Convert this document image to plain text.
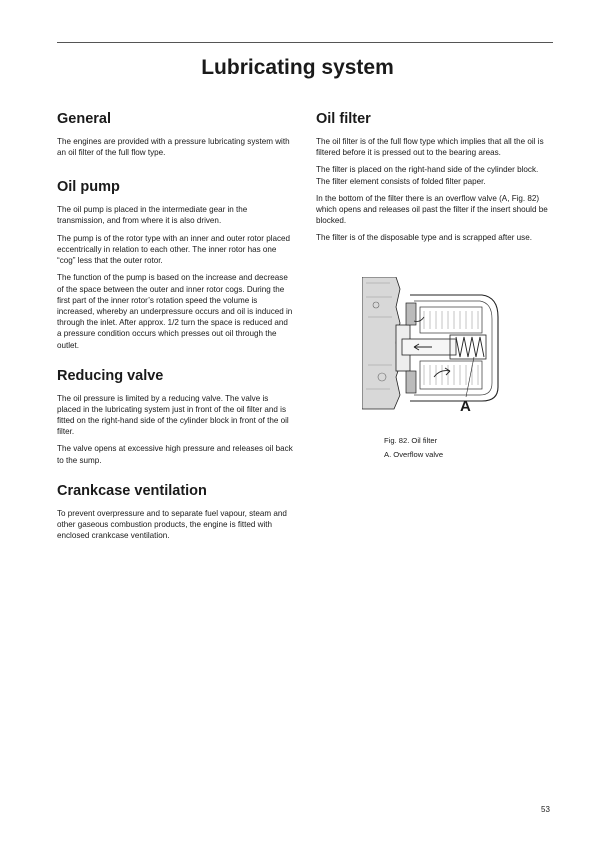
Lubricating system
General

The engines are provided with a pressure lubricating system with an oil filter of the full flow type.

Oil pump

The oil pump is placed in the intermediate gear in the transmission, and from where it is also driven.

The pump is of the rotor type with an inner and outer rotor placed eccentrically in relation to each other. The inner rotor has one “cog” less that the outer rotor.

The function of the pump is based on the increase and decrease of the space between the outer and inner rotor cogs. During the first part of the inner rotor’s rotation speed the volume is increased, whereby an underpressure occurs and oil is induced in through the inlet. After approx. 1/2 turn the space is reduced and a pressure condition occurs which presses out oil through the outlet.

Reducing valve

The oil pressure is limited by a reducing valve. The valve is placed in the lubricating system just in front of the oil filter and is fitted on the right-hand side of the cylinder block in front of the oil filter.

The valve opens at excessive high pressure and releases oil back to the sump.

Crankcase ventilation

To prevent overpressure and to separate fuel vapour, steam and other gaseous combustion products, the engine is fitted with enclosed crankcase ventilation.

Oil filter

The oil filter is of the full flow type which implies that all the oil is filtered before it is pressed out to the bearing areas.

The filter is placed on the right-hand side of the cylinder block. The filter element consists of folded filter paper.

In the bottom of the filter there is an overflow valve (A, Fig. 82) which opens and releases oil past the filter if the insert should be blocked.

The filter is of the disposable type and is scrapped after use.

A

Fig. 82. Oil filter

A. Overflow valve

53
